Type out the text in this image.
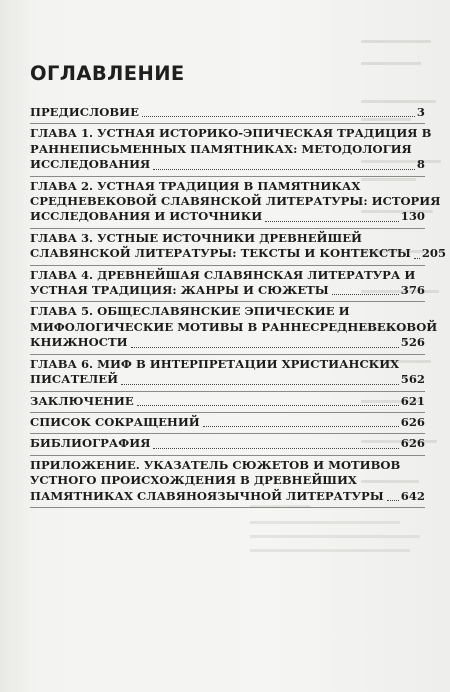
ОГЛАВЛЕНИЕ
ПРЕДИСЛОВИЕ	3
ГЛАВА 1. УСТНАЯ ИСТОРИКО-ЭПИЧЕСКАЯ ТРАДИЦИЯ В
РАННЕПИСЬМЕННЫХ ПАМЯТНИКАХ: МЕТОДОЛОГИЯ
ИССЛЕДОВАНИЯ	8
ГЛАВА 2. УСТНАЯ ТРАДИЦИЯ В ПАМЯТНИКАХ
СРЕДНЕВЕКОВОЙ СЛАВЯНСКОЙ ЛИТЕРАТУРЫ: ИСТОРИЯ
ИССЛЕДОВАНИЯ И ИСТОЧНИКИ	130
ГЛАВА 3. УСТНЫЕ ИСТОЧНИКИ ДРЕВНЕЙШЕЙ
СЛАВЯНСКОЙ ЛИТЕРАТУРЫ: ТЕКСТЫ И КОНТЕКСТЫ 205
ГЛАВА 4. ДРЕВНЕЙШАЯ СЛАВЯНСКАЯ ЛИТЕРАТУРА И
УСТНАЯ ТРАДИЦИЯ: ЖАНРЫ И СЮЖЕТЫ	376
ГЛАВА 5. ОБЩЕСЛАВЯНСКИЕ ЭПИЧЕСКИЕ И
МИФОЛОГИЧЕСКИЕ МОТИВЫ В РАННЕСРЕДНЕВЕКОВОЙ
КНИЖНОСТИ	526
ГЛАВА 6. МИФ В ИНТЕРПРЕТАЦИИ ХРИСТИАНСКИХ
ПИСАТЕЛЕЙ	562
ЗАКЛЮЧЕНИЕ	621
СПИСОК СОКРАЩЕНИЙ	626
БИБЛИОГРАФИЯ	626
ПРИЛОЖЕНИЕ. УКАЗАТЕЛЬ СЮЖЕТОВ И МОТИВОВ
УСТНОГО ПРОИСХОЖДЕНИЯ В ДРЕВНЕЙШИХ
ПАМЯТНИКАХ СЛАВЯНОЯЗЫЧНОЙ ЛИТЕРАТУРЫ 642
